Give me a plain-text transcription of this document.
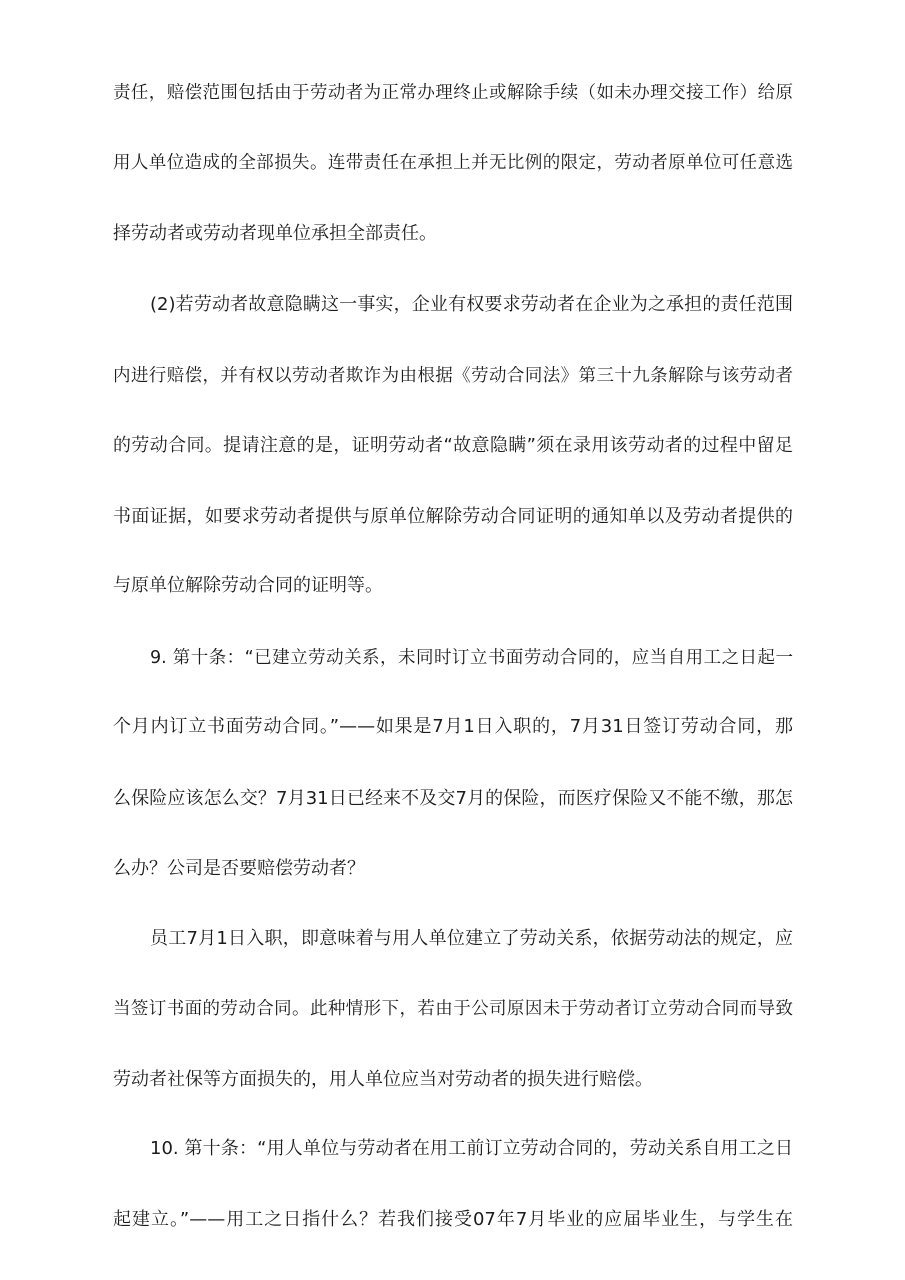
责任，赔偿范围包括由于劳动者为正常办理终止或解除手续（如未办理交接工作）给原

用人单位造成的全部损失。连带责任在承担上并无比例的限定，劳动者原单位可任意选

择劳动者或劳动者现单位承担全部责任。

(2)若劳动者故意隐瞒这一事实，企业有权要求劳动者在企业为之承担的责任范围

内进行赔偿，并有权以劳动者欺诈为由根据《劳动合同法》第三十九条解除与该劳动者

的劳动合同。提请注意的是，证明劳动者“故意隐瞒”须在录用该劳动者的过程中留足

书面证据，如要求劳动者提供与原单位解除劳动合同证明的通知单以及劳动者提供的

与原单位解除劳动合同的证明等。

9. 第十条：“已建立劳动关系，未同时订立书面劳动合同的，应当自用工之日起一

个月内订立书面劳动合同。”——如果是7月1日入职的，7月31日签订劳动合同，那

么保险应该怎么交？7月31日已经来不及交7月的保险，而医疗保险又不能不缴，那怎

么办？公司是否要赔偿劳动者？

员工7月1日入职，即意味着与用人单位建立了劳动关系，依据劳动法的规定，应

当签订书面的劳动合同。此种情形下，若由于公司原因未于劳动者订立劳动合同而导致

劳动者社保等方面损失的，用人单位应当对劳动者的损失进行赔偿。

10. 第十条：“用人单位与劳动者在用工前订立劳动合同的，劳动关系自用工之日

起建立。”——用工之日指什么？若我们接受07年7月毕业的应届毕业生，与学生在
